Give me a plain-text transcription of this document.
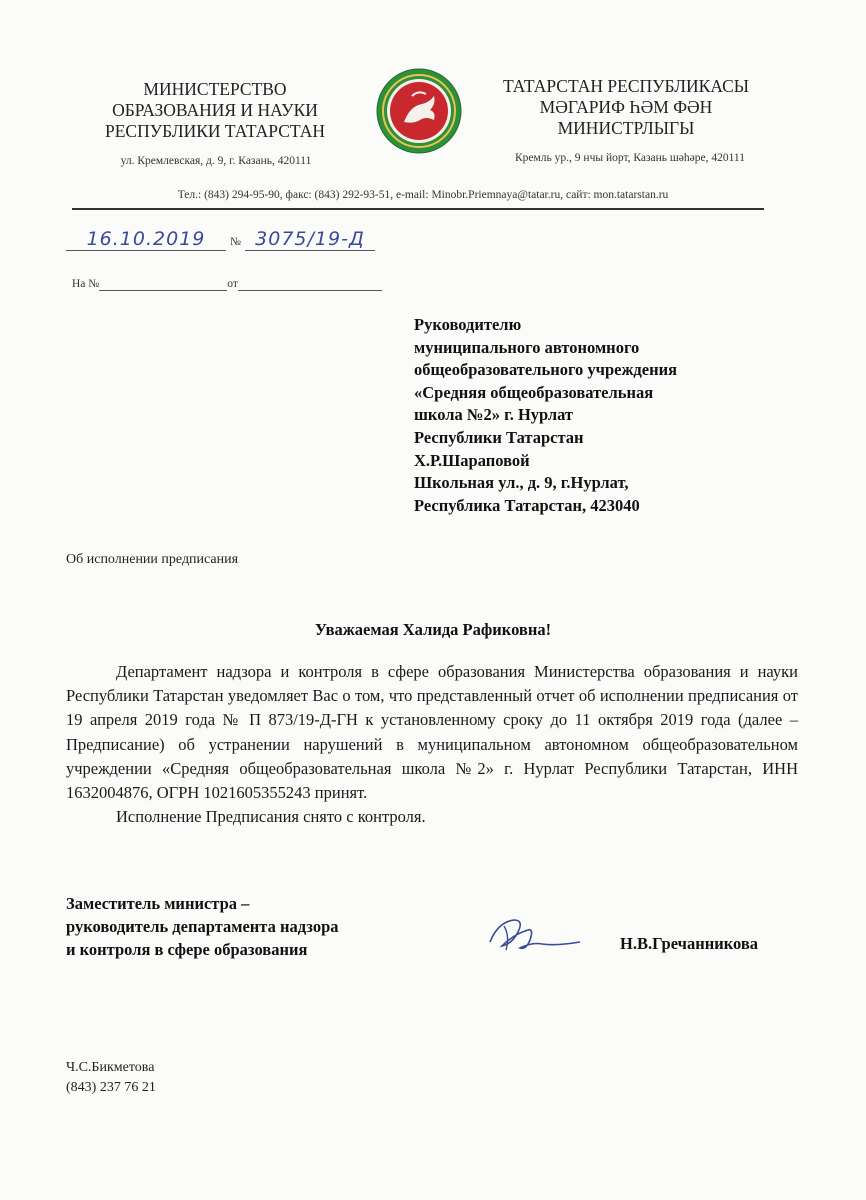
МИНИСТЕРСТВО
ОБРАЗОВАНИЯ И НАУКИ
РЕСПУБЛИКИ ТАТАРСТАН
ТАТАРСТАН РЕСПУБЛИКАСЫ
МӘГАРИФ ҺӘМ ФӘН
МИНИСТРЛЫГЫ
ул. Кремлевская, д. 9, г. Казань, 420111	Кремль ур., 9 нчы йорт, Казань шәһәре, 420111
Тел.: (843) 294-95-90, факс: (843) 292-93-51, e-mail: Minobr.Priemnaya@tatar.ru, сайт: mon.tatarstan.ru
16.10.2019 № 3075/19-Д
На №	от
Руководителю
муниципального автономного
общеобразовательного учреждения
«Средняя общеобразовательная
школа №2» г. Нурлат
Республики Татарстан
Х.Р.Шараповой
Школьная ул., д. 9, г.Нурлат,
Республика Татарстан, 423040
Об исполнении предписания
Уважаемая Халида Рафиковна!

Департамент надзора и контроля в сфере образования Министерства образования и науки Республики Татарстан уведомляет Вас о том, что представленный отчет об исполнении предписания от 19 апреля 2019 года № П 873/19-Д-ГН к установленному сроку до 11 октября 2019 года (далее – Предписание) об устранении нарушений в муниципальном автономном общеобразовательном учреждении «Средняя общеобразовательная школа №2» г. Нурлат Республики Татарстан, ИНН 1632004876, ОГРН 1021605355243 принят.

Исполнение Предписания снято с контроля.

Заместитель министра –
руководитель департамента надзора
и контроля в сфере образования	Н.В.Гречанникова
Ч.С.Бикметова
(843) 237 76 21
